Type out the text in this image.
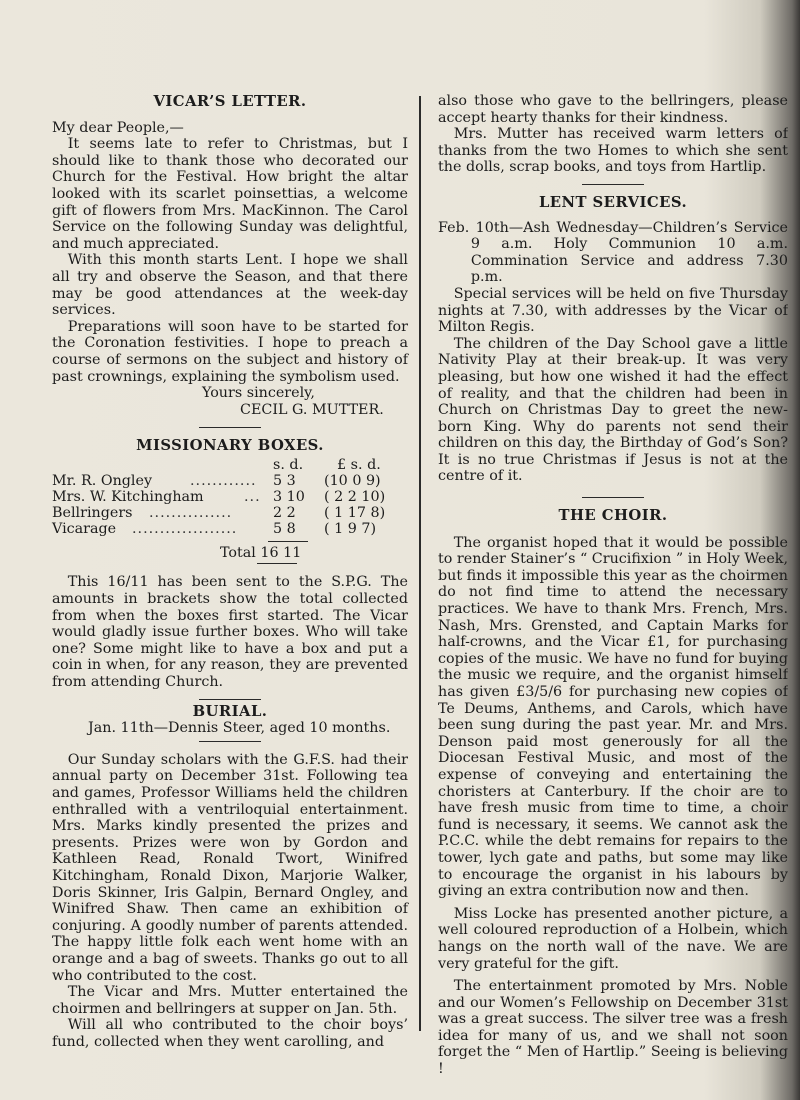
VICAR’S LETTER.

My dear People,—

It seems late to refer to Christmas, but I should like to thank those who decorated our Church for the Festival. How bright the altar looked with its scarlet poinsettias, a welcome gift of flowers from Mrs. MacKinnon. The Carol Service on the following Sunday was delightful, and much appreciated.

With this month starts Lent. I hope we shall all try and observe the Season, and that there may be good attendances at the week-day services.

Preparations will soon have to be started for the Coronation festivities. I hope to preach a course of sermons on the subject and history of past crownings, explaining the symbolism used.

Yours sincerely,

CECIL G. MUTTER.

MISSIONARY BOXES.
s. d.	£ s. d.
Mr. R. Ongley	............ 5 3	(10 0 9)
Mrs. W. Kitchingham	... 3 10	( 2 2 10)
Bellringers ...............	2 2	( 1 17 8)
Vicarage ................... 5 8	( 1 9 7)

Total 16 11

This 16/11 has been sent to the S.P.G. The amounts in brackets show the total collected from when the boxes first started. The Vicar would gladly issue further boxes. Who will take one? Some might like to have a box and put a coin in when, for any reason, they are prevented from attending Church.

BURIAL.

Jan. 11th—Dennis Steer, aged 10 months.

Our Sunday scholars with the G.F.S. had their annual party on December 31st. Following tea and games, Professor Williams held the children enthralled with a ventriloquial entertainment. Mrs. Marks kindly presented the prizes and presents. Prizes were won by Gordon and Kathleen Read, Ronald Twort, Winifred Kitchingham, Ronald Dixon, Marjorie Walker, Doris Skinner, Iris Galpin, Bernard Ongley, and Winifred Shaw. Then came an exhibition of conjuring. A goodly number of parents attended. The happy little folk each went home with an orange and a bag of sweets. Thanks go out to all who contributed to the cost.

The Vicar and Mrs. Mutter entertained the choirmen and bellringers at supper on Jan. 5th.

Will all who contributed to the choir boys’ fund, collected when they went carolling, and

also those who gave to the bellringers, please accept hearty thanks for their kindness.

Mrs. Mutter has received warm letters of thanks from the two Homes to which she sent the dolls, scrap books, and toys from Hartlip.

LENT SERVICES.

Feb. 10th—Ash Wednesday—Children’s Service 9 a.m. Holy Communion 10 a.m. Commination Service and address 7.30 p.m.

Special services will be held on five Thursday nights at 7.30, with addresses by the Vicar of Milton Regis.

The children of the Day School gave a little Nativity Play at their break-up. It was very pleasing, but how one wished it had the effect of reality, and that the children had been in Church on Christmas Day to greet the new-born King. Why do parents not send their children on this day, the Birthday of God’s Son? It is no true Christmas if Jesus is not at the centre of it.

THE CHOIR.

The organist hoped that it would be possible to render Stainer’s “ Crucifixion ” in Holy Week, but finds it impossible this year as the choirmen do not find time to attend the necessary practices. We have to thank Mrs. French, Mrs. Nash, Mrs. Grensted, and Captain Marks for half-crowns, and the Vicar £1, for purchasing copies of the music. We have no fund for buying the music we require, and the organist himself has given £3/5/6 for purchasing new copies of Te Deums, Anthems, and Carols, which have been sung during the past year. Mr. and Mrs. Denson paid most generously for all the Diocesan Festival Music, and most of the expense of conveying and entertaining the choristers at Canterbury. If the choir are to have fresh music from time to time, a choir fund is necessary, it seems. We cannot ask the P.C.C. while the debt remains for repairs to the tower, lych gate and paths, but some may like to encourage the organist in his labours by giving an extra contribution now and then.

Miss Locke has presented another picture, a well coloured reproduction of a Holbein, which hangs on the north wall of the nave. We are very grateful for the gift.

The entertainment promoted by Mrs. Noble and our Women’s Fellowship on December 31st was a great success. The silver tree was a fresh idea for many of us, and we shall not soon forget the “ Men of Hartlip.” Seeing is believing !
